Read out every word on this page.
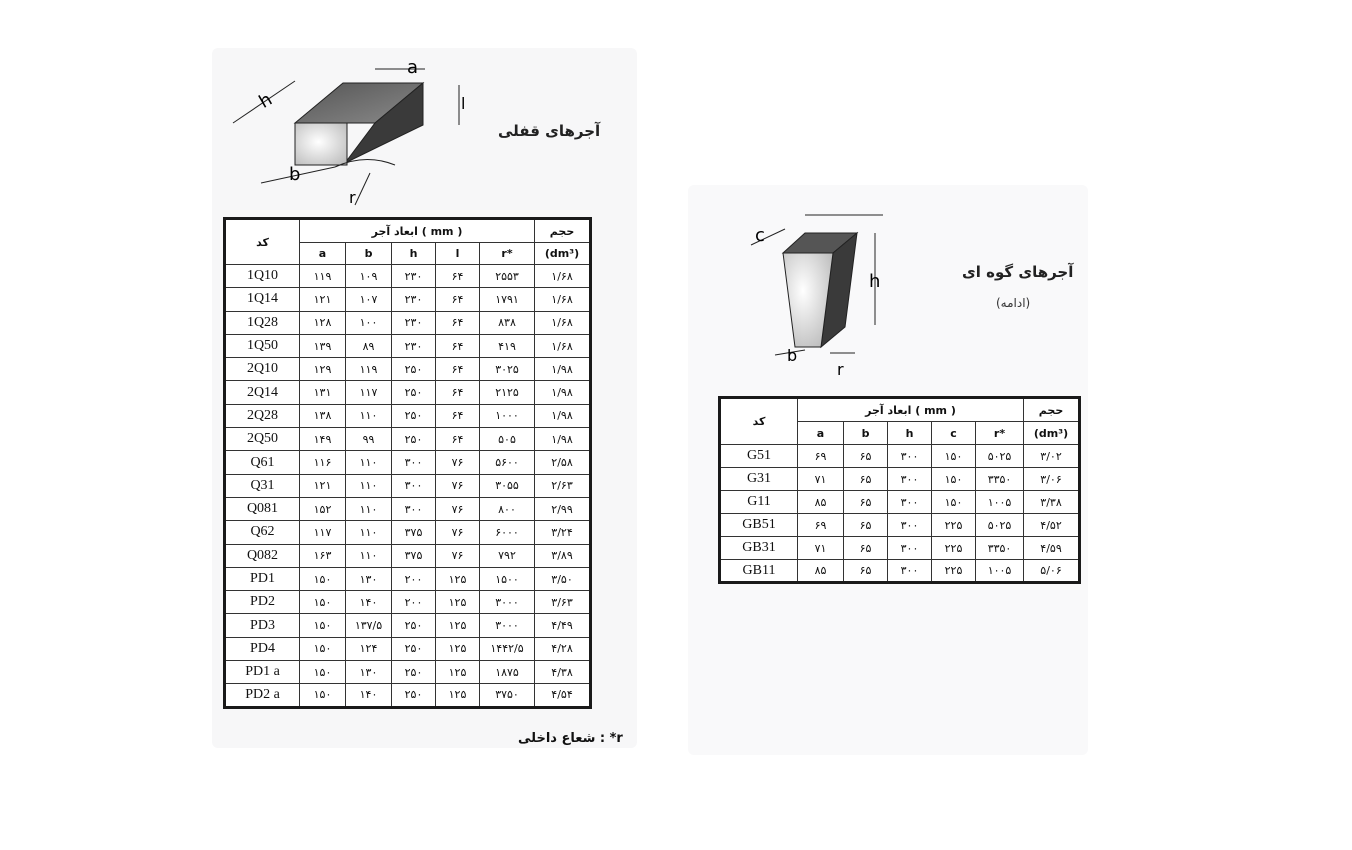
a
h	l
b
r
آجرهای قفلی
کد	ابعاد آجر ( mm )					حجم
	a	b	h	l	r*	(dm³)
1Q10	۱۱۹	۱۰۹	۲۳۰	۶۴	۲۵۵۳	۱/۶۸
1Q14	۱۲۱	۱۰۷	۲۳۰	۶۴	۱۷۹۱	۱/۶۸
1Q28	۱۲۸	۱۰۰	۲۳۰	۶۴	۸۳۸	۱/۶۸
1Q50	۱۳۹	۸۹	۲۳۰	۶۴	۴۱۹	۱/۶۸
2Q10	۱۲۹	۱۱۹	۲۵۰	۶۴	۳۰۲۵	۱/۹۸
2Q14	۱۳۱	۱۱۷	۲۵۰	۶۴	۲۱۲۵	۱/۹۸
2Q28	۱۳۸	۱۱۰	۲۵۰	۶۴	۱۰۰۰	۱/۹۸
2Q50	۱۴۹	۹۹	۲۵۰	۶۴	۵۰۵	۱/۹۸
Q61	۱۱۶	۱۱۰	۳۰۰	۷۶	۵۶۰۰	۲/۵۸
Q31	۱۲۱	۱۱۰	۳۰۰	۷۶	۳۰۵۵	۲/۶۳
Q081	۱۵۲	۱۱۰	۳۰۰	۷۶	۸۰۰	۲/۹۹
Q62	۱۱۷	۱۱۰	۳۷۵	۷۶	۶۰۰۰	۳/۲۴
Q082	۱۶۳	۱۱۰	۳۷۵	۷۶	۷۹۲	۳/۸۹
PD1	۱۵۰	۱۳۰	۲۰۰	۱۲۵	۱۵۰۰	۳/۵۰
PD2	۱۵۰	۱۴۰	۲۰۰	۱۲۵	۳۰۰۰	۳/۶۳
PD3	۱۵۰	۱۳۷/۵	۲۵۰	۱۲۵	۳۰۰۰	۴/۴۹
PD4	۱۵۰	۱۲۴	۲۵۰	۱۲۵	۱۴۴۲/۵	۴/۲۸
PD1 a	۱۵۰	۱۳۰	۲۵۰	۱۲۵	۱۸۷۵	۴/۳۸
PD2 a	۱۵۰	۱۴۰	۲۵۰	۱۲۵	۳۷۵۰	۴/۵۴
r* : شعاع داخلی
h
c
b
r
آجرهای گوه ای
(ادامه)
کد	ابعاد آجر ( mm )					حجم
	a	b	h	c	r*	(dm³)
G51	۶۹	۶۵	۳۰۰	۱۵۰	۵۰۲۵	۳/۰۲
G31	۷۱	۶۵	۳۰۰	۱۵۰	۳۳۵۰	۳/۰۶
G11	۸۵	۶۵	۳۰۰	۱۵۰	۱۰۰۵	۳/۳۸
GB51	۶۹	۶۵	۳۰۰	۲۲۵	۵۰۲۵	۴/۵۲
GB31	۷۱	۶۵	۳۰۰	۲۲۵	۳۳۵۰	۴/۵۹
GB11	۸۵	۶۵	۳۰۰	۲۲۵	۱۰۰۵	۵/۰۶
